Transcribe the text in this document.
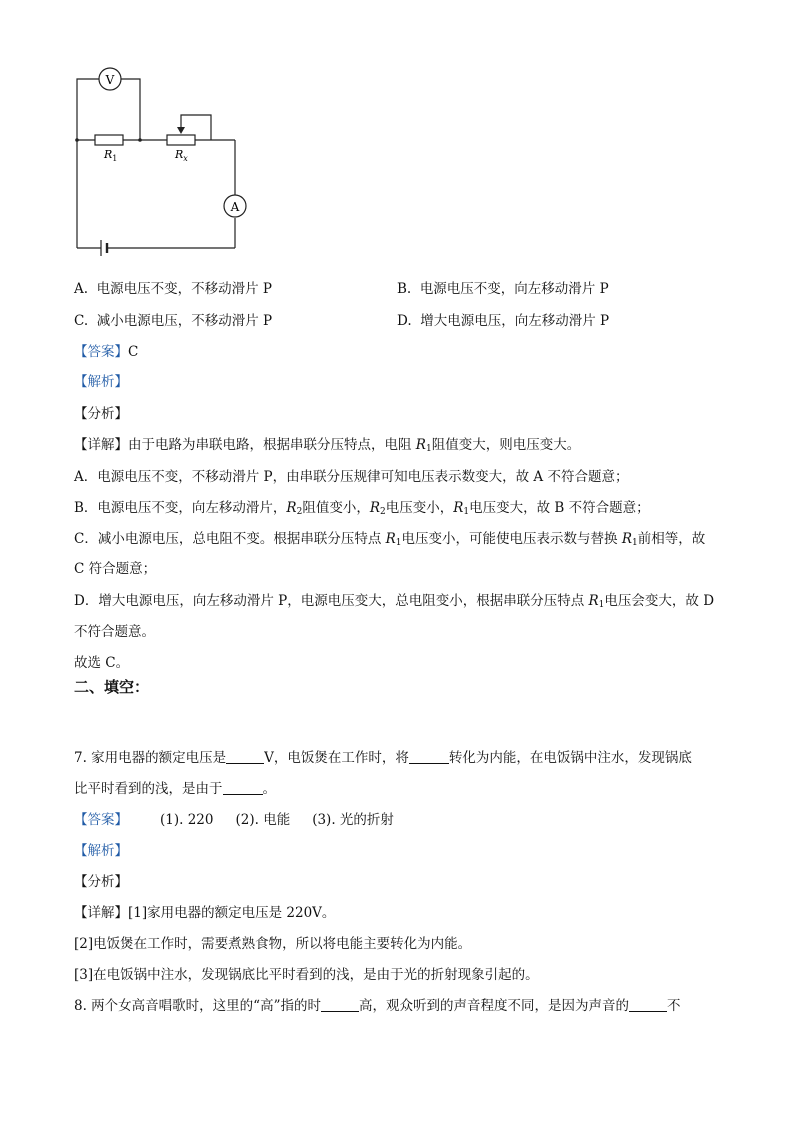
V
A
$R_1$	$R_x$
A. 电源电压不变，不移动滑片 P	B. 电源电压不变，向左移动滑片 P
C. 减小电源电压，不移动滑片 P	D. 增大电源电压，向左移动滑片 P
【答案】C
【解析】
【分析】
【详解】由于电路为串联电路，根据串联分压特点，电阻 $R_1$阻值变大，则电压变大。
A．电源电压不变，不移动滑片 P，由串联分压规律可知电压表示数变大，故 A 不符合题意；
B．电源电压不变，向左移动滑片，$R_2$阻值变小，$R_2$电压变小，$R_1$电压变大，故 B 不符合题意；
C．减小电源电压，总电阻不变。根据串联分压特点 $R_1$电压变小，可能使电压表示数与替换 $R_1$前相等，故
C 符合题意；
D．增大电源电压，向左移动滑片 P，电源电压变大，总电阻变小，根据串联分压特点 $R_1$电压会变大，故 D
不符合题意。
故选 C。
二、填空：
7. 家用电器的额定电压是	V，电饭煲在工作时，将	转化为内能，在电饭锅中注水，发现锅底
比平时看到的浅，是由于	。
【答案】 (1). 220 (2). 电能 (3). 光的折射
【解析】
【分析】
【详解】[1]家用电器的额定电压是 220V。
[2]电饭煲在工作时，需要煮熟食物，所以将电能主要转化为内能。
[3]在电饭锅中注水，发现锅底比平时看到的浅，是由于光的折射现象引起的。
8. 两个女高音唱歌时，这里的“高”指的时	高，观众听到的声音程度不同，是因为声音的	不
